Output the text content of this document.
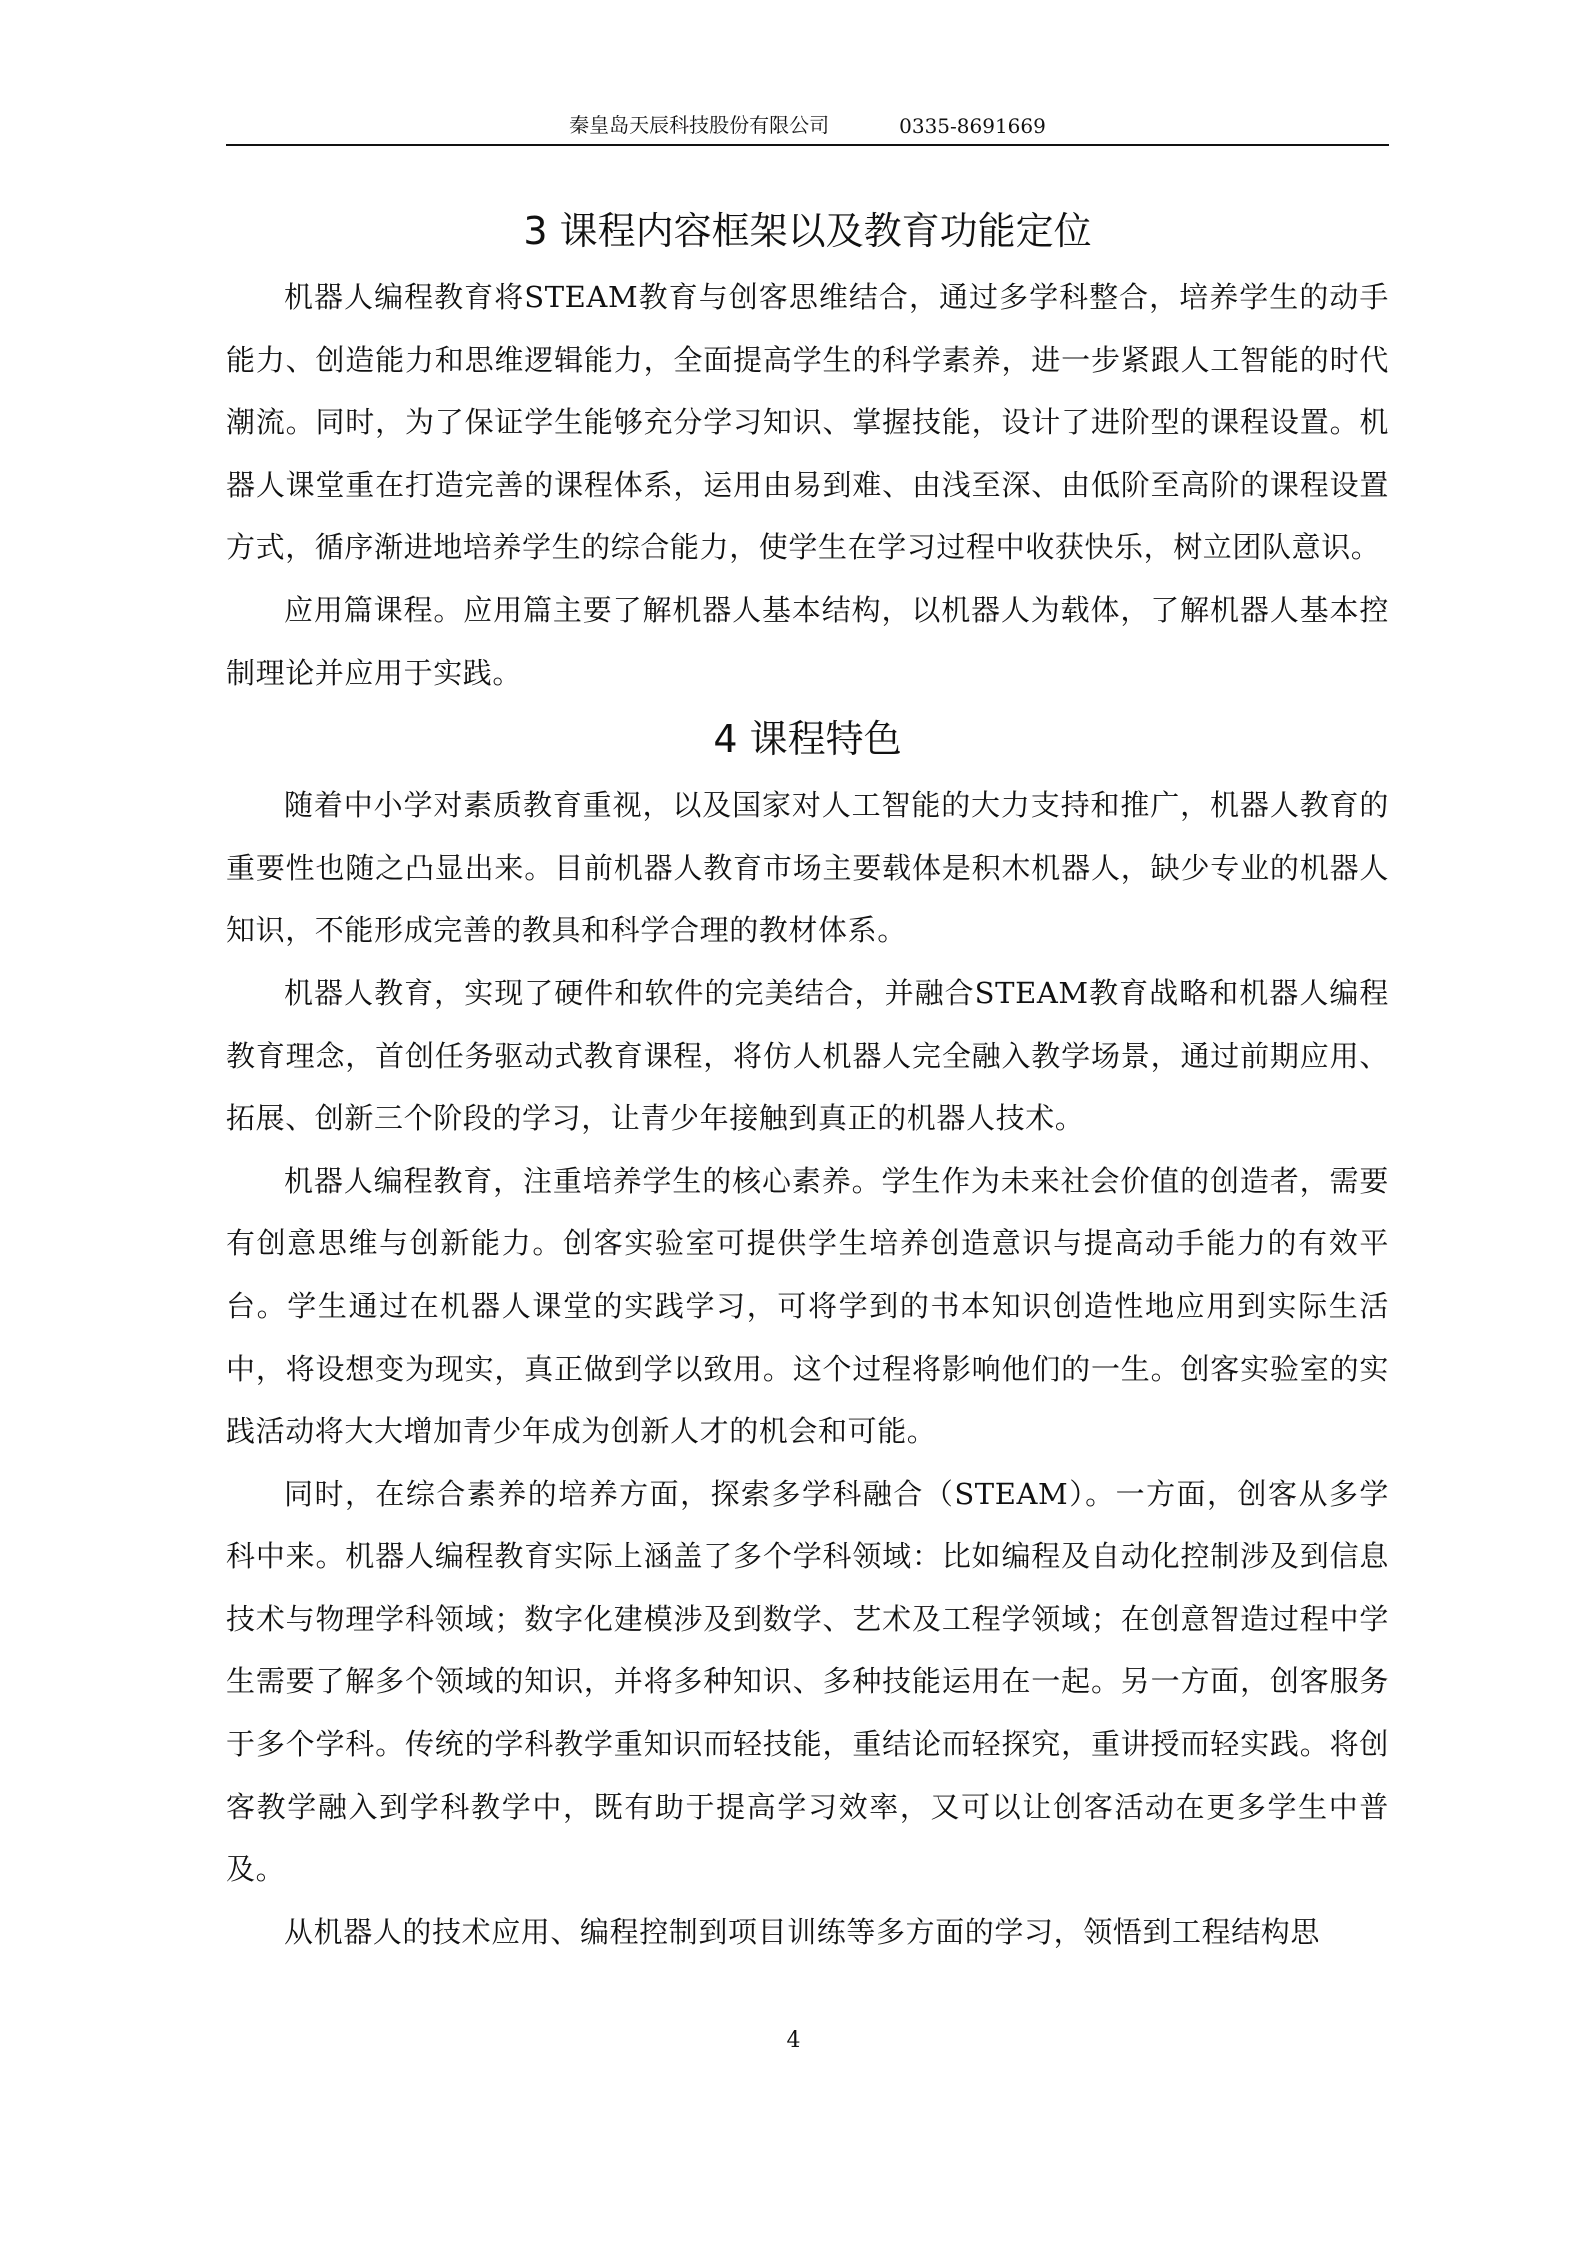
秦皇岛天辰科技股份有限公司	0335-8691669
3 课程内容框架以及教育功能定位

机器人编程教育将STEAM教育与创客思维结合，通过多学科整合，培养学生的动手能力、创造能力和思维逻辑能力，全面提高学生的科学素养，进一步紧跟人工智能的时代潮流。同时，为了保证学生能够充分学习知识、掌握技能，设计了进阶型的课程设置。机器人课堂重在打造完善的课程体系，运用由易到难、由浅至深、由低阶至高阶的课程设置方式，循序渐进地培养学生的综合能力，使学生在学习过程中收获快乐，树立团队意识。

应用篇课程。应用篇主要了解机器人基本结构，以机器人为载体，了解机器人基本控制理论并应用于实践。

4 课程特色

随着中小学对素质教育重视，以及国家对人工智能的大力支持和推广，机器人教育的重要性也随之凸显出来。目前机器人教育市场主要载体是积木机器人，缺少专业的机器人知识，不能形成完善的教具和科学合理的教材体系。

机器人教育，实现了硬件和软件的完美结合，并融合STEAM教育战略和机器人编程教育理念，首创任务驱动式教育课程，将仿人机器人完全融入教学场景，通过前期应用、拓展、创新三个阶段的学习，让青少年接触到真正的机器人技术。

机器人编程教育，注重培养学生的核心素养。学生作为未来社会价值的创造者，需要有创意思维与创新能力。创客实验室可提供学生培养创造意识与提高动手能力的有效平台。学生通过在机器人课堂的实践学习，可将学到的书本知识创造性地应用到实际生活中，将设想变为现实，真正做到学以致用。这个过程将影响他们的一生。创客实验室的实践活动将大大增加青少年成为创新人才的机会和可能。

同时，在综合素养的培养方面，探索多学科融合（STEAM）。一方面，创客从多学科中来。机器人编程教育实际上涵盖了多个学科领域：比如编程及自动化控制涉及到信息技术与物理学科领域；数字化建模涉及到数学、艺术及工程学领域；在创意智造过程中学生需要了解多个领域的知识，并将多种知识、多种技能运用在一起。另一方面，创客服务于多个学科。传统的学科教学重知识而轻技能，重结论而轻探究，重讲授而轻实践。将创客教学融入到学科教学中，既有助于提高学习效率，又可以让创客活动在更多学生中普及。

从机器人的技术应用、编程控制到项目训练等多方面的学习，领悟到工程结构思

4
